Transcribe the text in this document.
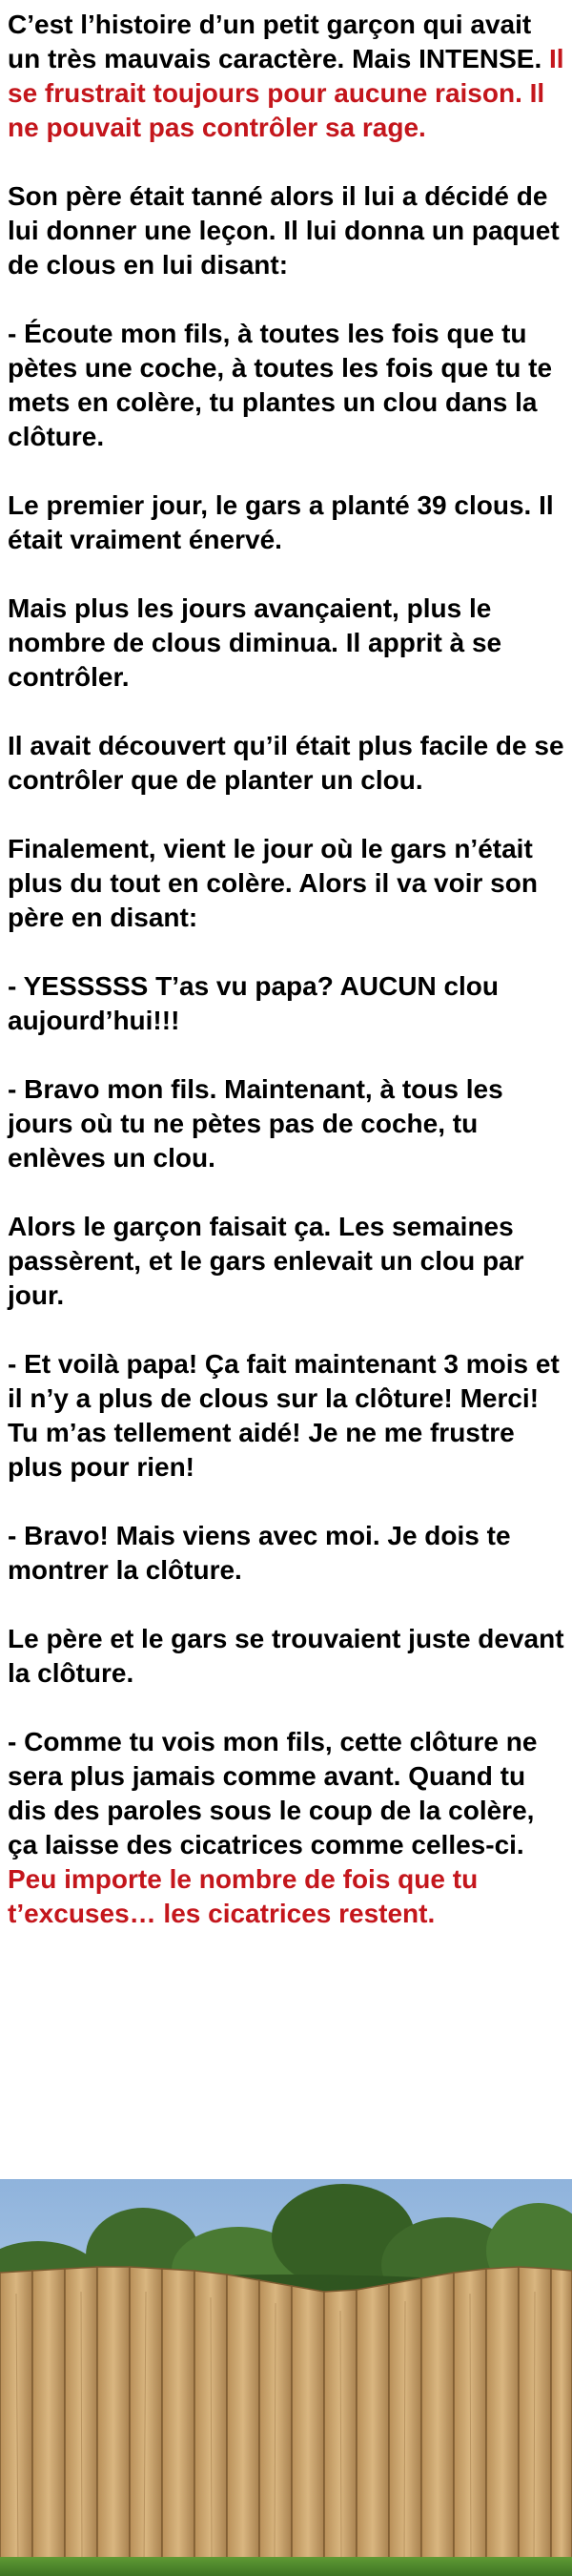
C’est l’histoire d’un petit garçon qui avait un très mauvais caractère. Mais INTENSE. Il se frustrait toujours pour aucune raison. Il ne pouvait pas contrôler sa rage.

Son père était tanné alors il lui a décidé de lui donner une leçon. Il lui donna un paquet de clous en lui disant:

- Écoute mon fils, à toutes les fois que tu pètes une coche, à toutes les fois que tu te mets en colère, tu plantes un clou dans la clôture.

Le premier jour, le gars a planté 39 clous. Il était vraiment énervé.

Mais plus les jours avançaient, plus le nombre de clous diminua. Il apprit à se contrôler.

Il avait découvert qu’il était plus facile de se contrôler que de planter un clou.

Finalement, vient le jour où le gars n’était plus du tout en colère. Alors il va voir son père en disant:

- YESSSSS T’as vu papa? AUCUN clou aujourd’hui!!!

- Bravo mon fils. Maintenant, à tous les jours où tu ne pètes pas de coche, tu enlèves un clou.

Alors le garçon faisait ça. Les semaines passèrent, et le gars enlevait un clou par jour.

- Et voilà papa! Ça fait maintenant 3 mois et il n’y a plus de clous sur la clôture! Merci! Tu m’as tellement aidé! Je ne me frustre plus pour rien!

- Bravo! Mais viens avec moi. Je dois te montrer la clôture.

Le père et le gars se trouvaient juste devant la clôture.

- Comme tu vois mon fils, cette clôture ne sera plus jamais comme avant. Quand tu dis des paroles sous le coup de la colère, ça laisse des cicatrices comme celles-ci.
Peu importe le nombre de fois que tu t’excuses… les cicatrices restent.
